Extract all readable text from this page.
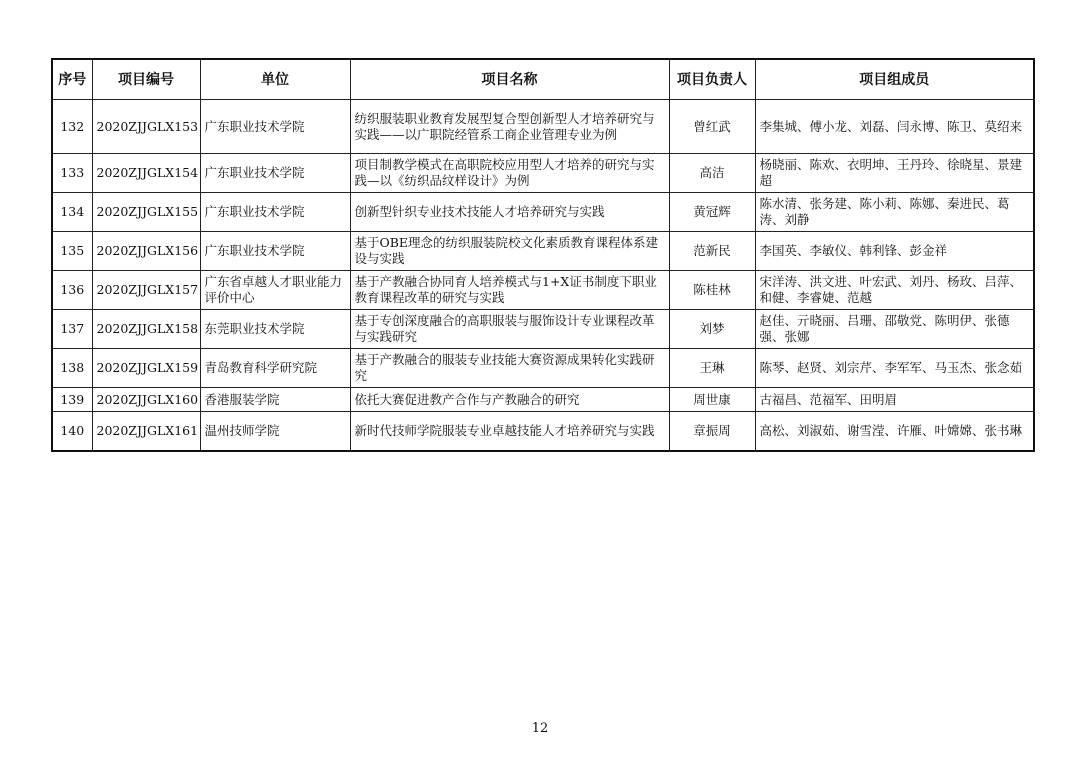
序号	项目编号	单位	项目名称	项目负责人	项目组成员
132	2020ZJJGLX153	广东职业技术学院	纺织服装职业教育发展型复合型创新型人才培养研究与实践——以广职院经管系工商企业管理专业为例	曾红武	李集城、傅小龙、刘磊、闫永博、陈卫、莫绍来
133	2020ZJJGLX154	广东职业技术学院	项目制教学模式在高职院校应用型人才培养的研究与实践—以《纺织品纹样设计》为例	高洁	杨晓丽、陈欢、衣明坤、王丹玲、徐晓星、景建超
134	2020ZJJGLX155	广东职业技术学院	创新型针织专业技术技能人才培养研究与实践	黄冠辉	陈水清、张务建、陈小莉、陈娜、秦进民、葛涛、刘静
135	2020ZJJGLX156	广东职业技术学院	基于OBE理念的纺织服装院校文化素质教育课程体系建设与实践	范新民	李国英、李敏仪、韩利锋、彭金祥
136	2020ZJJGLX157	广东省卓越人才职业能力评价中心	基于产教融合协同育人培养模式与1+X证书制度下职业教育课程改革的研究与实践	陈桂林	宋洋涛、洪文进、叶宏武、刘丹、杨玫、吕萍、和健、李睿婕、范越
137	2020ZJJGLX158	东莞职业技术学院	基于专创深度融合的高职服装与服饰设计专业课程改革与实践研究	刘梦	赵佳、亓晓丽、吕珊、邵敬党、陈明伊、张德强、张娜
138	2020ZJJGLX159	青岛教育科学研究院	基于产教融合的服装专业技能大赛资源成果转化实践研究	王琳	陈琴、赵贤、刘宗芹、李军军、马玉杰、张念茹
139	2020ZJJGLX160	香港服装学院	依托大赛促进教产合作与产教融合的研究	周世康	古福昌、范福军、田明眉
140	2020ZJJGLX161	温州技师学院	新时代技师学院服装专业卓越技能人才培养研究与实践	章振周	高松、刘淑茹、谢雪滢、许雁、叶嫦嫦、张书琳
12
